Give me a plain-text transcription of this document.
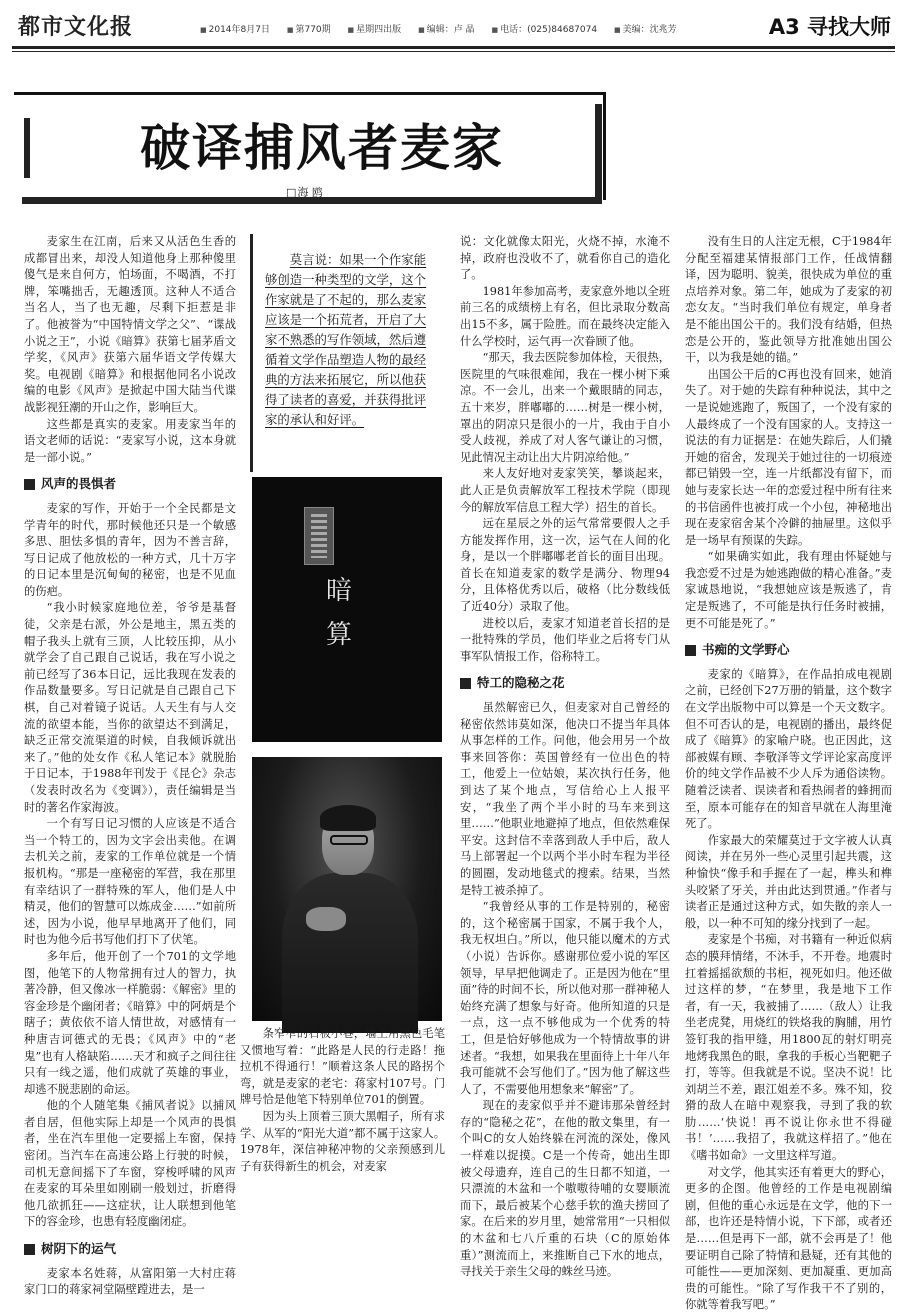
都市文化报	■ 2014年8月7日	■ 第770期	■ 星期四出版	■ 编辑：卢 晶	■ 电话：(025)84687074	■ 美编：沈兆芳	A3 寻找大师
破译捕风者麦家
□ 海 鸥

麦家生在江南，后来又从活色生香的成都冒出来，却没人知道他身上那种傻里傻气是来自何方，怕场面，不喝酒，不打牌，笨嘴拙舌，无趣透顶。这种人不适合当名人，当了也无趣，尽剩下拒惹是非了。他被誉为“中国特情文学之父”、“谍战小说之王”，小说《暗算》获第七届茅盾文学奖，《风声》获第六届华语文学传媒大奖。电视剧《暗算》和根据他同名小说改编的电影《风声》是掀起中国大陆当代谍战影视狂潮的开山之作，影响巨大。

这些都是真实的麦家。用麦家当年的语文老师的话说：“麦家写小说，这本身就是一部小说。”

风声的畏惧者

麦家的写作，开始于一个全民都是文学青年的时代，那时候他还只是一个敏感多思、胆怯多惧的青年，因为不善言辞，写日记成了他放松的一种方式，几十万字的日记本里是沉甸甸的秘密，也是不见血的伤疤。

“我小时候家庭地位差，爷爷是基督徒，父亲是右派，外公是地主，黑五类的帽子我头上就有三顶，人比较压抑，从小就学会了自己跟自己说话，我在写小说之前已经写了36本日记，远比我现在发表的作品数量要多。写日记就是自己跟自己下棋，自己对着镜子说话。人天生有与人交流的欲望本能，当你的欲望达不到满足，缺乏正常交流渠道的时候，自我倾诉就出来了。”他的处女作《私人笔记本》就脱胎于日记本，于1988年刊发于《昆仑》杂志（发表时改名为《变调》），责任编辑是当时的著名作家海波。

一个有写日记习惯的人应该是不适合当一个特工的，因为文字会出卖他。在调去机关之前，麦家的工作单位就是一个情报机构。“那是一座秘密的军营，我在那里有幸结识了一群特殊的军人，他们是人中精灵，他们的智慧可以炼成金……”如前所述，因为小说，他早早地离开了他们，同时也为他今后书写他们打下了伏笔。

多年后，他开创了一个701的文学地图，他笔下的人物常拥有过人的智力，执著冷静，但又像冰一样脆弱：《解密》里的容金珍是个幽闭者；《暗算》中的阿炳是个瞎子；黄依依不谙人情世故，对感情有一种唐吉诃德式的无畏；《风声》中的“老鬼”也有人格缺陷……天才和疯子之间往往只有一线之遥，他们成就了英雄的事业，却逃不脱悲剧的命运。

他的个人随笔集《捕风者说》以捕风者自居，但他实际上却是一个风声的畏惧者，坐在汽车里他一定要摇上车窗，保持密闭。当汽车在高速公路上行驶的时候，司机无意间摇下了车窗，穿梭呼啸的风声在麦家的耳朵里如刚刷一般划过，折磨得他几欲抓狂——这症状，让人联想到他笔下的容金珍，也患有轻度幽闭症。

树阴下的运气

麦家本名姓蒋，从富阳第一大村庄蒋家门口的蒋家祠堂隔壁蹚进去，是一

莫言说：如果一个作家能够创造一种类型的文学，这个作家就是了不起的，那么麦家应该是一个拓荒者，开启了大家不熟悉的写作领域，然后遵循着文学作品塑造人物的最经典的方法来拓展它，所以他获得了读者的喜爱，并获得批评家的承认和好评。
暗算

条窄窄的石板小巷，墙上用黑色毛笔又惯地写着：“此路是人民的行走路！拖拉机不得通行！”顺着这条人民的路拐个弯，就是麦家的老宅：蒋家村107号。门牌号恰是他笔下特别单位701的倒置。

因为头上顶着三顶大黑帽子，所有求学、从军的“阳光大道”都不属于这家人。1978年，深信神秘冲物的父亲预感到儿子有获得新生的机会，对麦家

说：文化就像太阳光，火烧不掉，水淹不掉，政府也没收不了，就看你自己的造化了。

1981年参加高考，麦家意外地以全班前三名的成绩榜上有名，但比录取分数高出15不多，属于险胜。而在最终决定能入什么学校时，运气再一次眷顾了他。

“那天，我去医院参加体检，天很热，医院里的气味很难闻，我在一棵小树下乘凉。不一会儿，出来一个戴眼睛的同志，五十来岁，胖嘟嘟的……树是一棵小树，罩出的阴凉只是很小的一片，我由于自小受人歧视，养成了对人客气谦让的习惯，见此情况主动让出大片阴凉给他。”

来人友好地对麦家笑笑，攀谈起来，此人正是负责解放军工程技术学院（即现今的解放军信息工程大学）招生的首长。

远在星辰之外的运气常常要假人之手方能发挥作用，这一次，运气在人间的化身，是以一个胖嘟嘟老首长的面目出现。首长在知道麦家的数学是满分、物理94分，且体格优秀以后，破格（比分数线低了近40分）录取了他。

进校以后，麦家才知道老首长招的是一批特殊的学员，他们毕业之后将专门从事军队情报工作，俗称特工。

特工的隐秘之花

虽然解密已久，但麦家对自己曾经的秘密依然讳莫如深，他决口不提当年具体从事怎样的工作。问他，他会用另一个故事来回答你：英国曾经有一位出色的特工，他爱上一位姑娘，某次执行任务，他到达了某个地点，写信给心上人报平安，“我坐了两个半小时的马车来到这里……”他职业地避掉了地点，但依然难保平安。这封信不幸落到敌人手中后，敌人马上部署起一个以两个半小时车程为半径的圆圈，发动地毯式的搜索。结果，当然是特工被杀掉了。

“我曾经从事的工作是特别的，秘密的，这个秘密属于国家，不属于我个人，我无权坦白。”所以，他只能以魔术的方式（小说）告诉你。感谢那位爱小说的军区领导，早早把他调走了。正是因为他在“里面”待的时间不长，所以他对那一群神秘人始终充满了想象与好奇。他所知道的只是一点，这一点不够他成为一个优秀的特工，但是恰好够他成为一个特情故事的讲述者。“我想，如果我在里面待上十年八年我可能就不会写他们了。”因为他了解这些人了，不需要他用想象来“解密”了。

现在的麦家似乎并不避讳那朵曾经封存的“隐秘之花”，在他的散文集里，有一个叫C的女人始终躲在河流的深处，像风一样难以捉摸。C是一个传奇，她出生即被父母遗弃，连自己的生日都不知道，一只漂流的木盆和一个嗷嗷待哺的女婴顺流而下，最后被某个心慈手软的渔夫捞回了家。在后来的岁月里，她常常用“一只相似的木盆和七八斤重的石块（C的原始体重）”测流而上，来推断自己下水的地点，寻找关于亲生父母的蛛丝马迹。

没有生日的人注定无根，C于1984年分配至福建某情报部门工作，任战情翻译，因为聪明、貌美，很快成为单位的重点培养对象。第二年，她成为了麦家的初恋女友。“当时我们单位有规定，单身者是不能出国公干的。我们没有结婚，但热恋是公开的，鉴此领导方批准她出国公干，以为我是她的锚。”

出国公干后的C再也没有回来，她消失了。对于她的失踪有种种说法，其中之一是说她逃跑了，叛国了，一个没有家的人最终成了一个没有国家的人。支持这一说法的有力证据是：在她失踪后，人们撬开她的宿舍，发现关于她过往的一切痕迹都已销毁一空，连一片纸都没有留下，而她与麦家长达一年的恋爱过程中所有往来的书信函件也被打成一个小包，神秘地出现在麦家宿舍某个冷僻的抽屉里。这似乎是一场早有预谋的失踪。

“如果确实如此，我有理由怀疑她与我恋爱不过是为她逃跑做的精心准备。”麦家诚恳地说，“我想她应该是叛逃了，肯定是叛逃了，不可能是执行任务时被捕，更不可能是死了。”

书痴的文学野心

麦家的《暗算》，在作品拍成电视剧之前，已经创下27万册的销量，这个数字在文学出版物中可以算是一个天文数字。但不可否认的是，电视剧的播出，最终促成了《暗算》的家喻户晓。也正因此，这部被媒有顾、李敬泽等文学评论家高度评价的纯文学作品被不少人斥为通俗读物。随着泛读者、误读者和看热闹者的蜂拥而至，原本可能存在的知音早就在人海里淹死了。

作家最大的荣耀莫过于文字被人认真阅读，并在另外一些心灵里引起共震，这种愉快“像手和手握在了一起，榫头和榫头咬紧了牙关，并由此达到贯通。”作者与读者正是通过这种方式，如失散的亲人一般，以一种不可知的缘分找到了一起。

麦家是个书痴，对书籍有一种近似病态的膜拜情绪，不沐手，不开卷。地震时扛着摇摇欲颓的书柜，视死如归。他还做过这样的梦，“在梦里，我是地下工作者，有一天，我被捕了……（敌人）让我坐老虎凳，用烧红的铁烙我的胸脯，用竹签钉我的指甲缝，用1800瓦的射灯明亮地烤我黑色的眼，拿我的手板心当靶靶子打，等等。但我就是不说。坚决不说！比刘胡兰不差，跟江姐差不多。殊不知，狡猾的敌人在暗中观察我，寻到了我的软肋……‘快说！再不说让你永世不得碰书！’……我招了，我就这样招了。”他在《嗜书如命》一文里这样写道。

对文学，他其实还有着更大的野心，更多的企图。他曾经的工作是电视剧编剧，但他的重心永远是在文学，他的下一部，也许还是特情小说，下下部，或者还是……但是再下一部，就不会再是了！他要证明自己除了特情和悬疑，还有其他的可能性——更加深刻、更加凝重、更加高贵的可能性。“除了写作我干不了别的，你就等着我写吧。”
